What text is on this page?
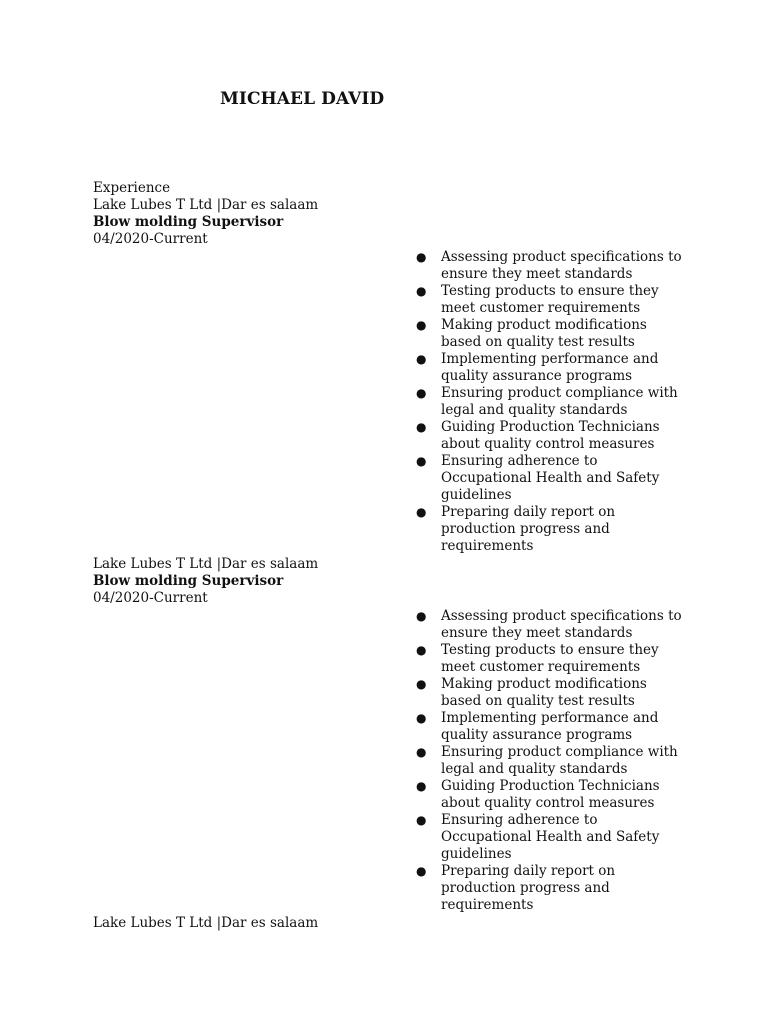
MICHAEL DAVID
Experience
Lake Lubes T Ltd |Dar es salaam
Blow molding Supervisor
04/2020-Current
● Assessing product specifications to ensure they meet standards
● Testing products to ensure they meet customer requirements
● Making product modifications based on quality test results
● Implementing performance and quality assurance programs
● Ensuring product compliance with legal and quality standards
● Guiding Production Technicians about quality control measures
● Ensuring adherence to Occupational Health and Safety guidelines
● Preparing daily report on production progress and requirements
Lake Lubes T Ltd |Dar es salaam
Blow molding Supervisor
04/2020-Current
● Assessing product specifications to ensure they meet standards
● Testing products to ensure they meet customer requirements
● Making product modifications based on quality test results
● Implementing performance and quality assurance programs
● Ensuring product compliance with legal and quality standards
● Guiding Production Technicians about quality control measures
● Ensuring adherence to Occupational Health and Safety guidelines
● Preparing daily report on production progress and requirements
Lake Lubes T Ltd |Dar es salaam
